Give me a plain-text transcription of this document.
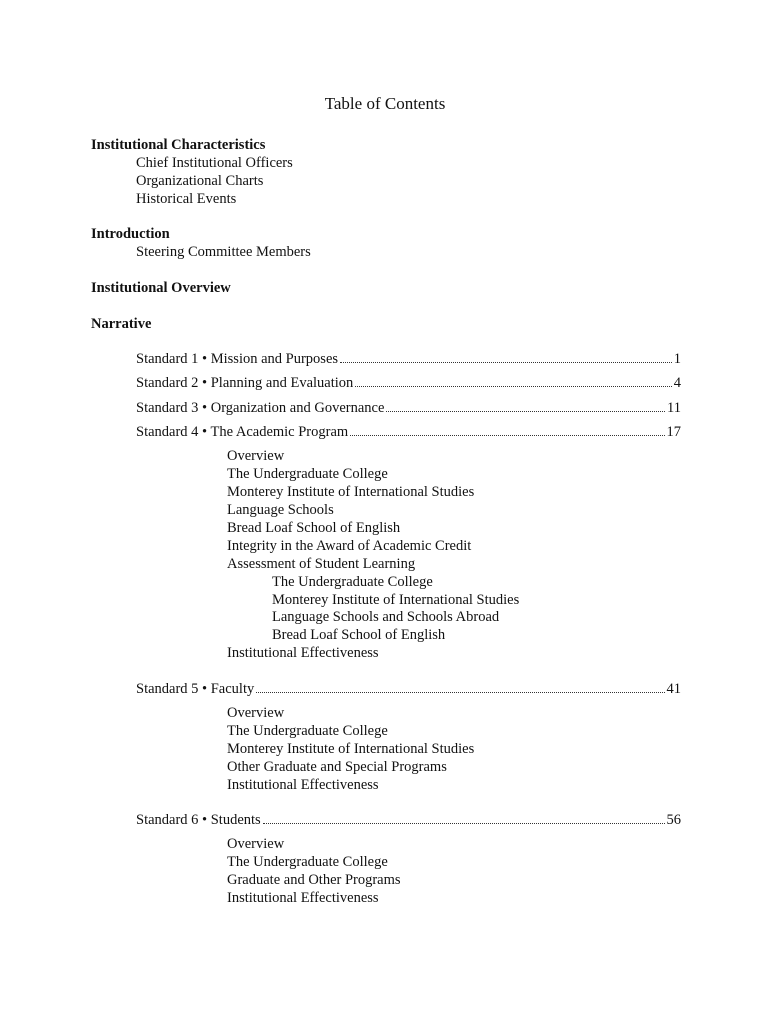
Table of Contents
Institutional Characteristics
Chief Institutional Officers
Organizational Charts
Historical Events
Introduction
Steering Committee Members
Institutional Overview
Narrative
Standard 1 • Mission and Purposes	1
Standard 2 • Planning and Evaluation	4
Standard 3 • Organization and Governance	11
Standard 4 • The Academic Program	17
Overview
The Undergraduate College
Monterey Institute of International Studies
Language Schools
Bread Loaf School of English
Integrity in the Award of Academic Credit
Assessment of Student Learning
The Undergraduate College
Monterey Institute of International Studies
Language Schools and Schools Abroad
Bread Loaf School of English
Institutional Effectiveness
Standard 5 • Faculty	41
Overview
The Undergraduate College
Monterey Institute of International Studies
Other Graduate and Special Programs
Institutional Effectiveness
Standard 6 • Students	56
Overview
The Undergraduate College
Graduate and Other Programs
Institutional Effectiveness
